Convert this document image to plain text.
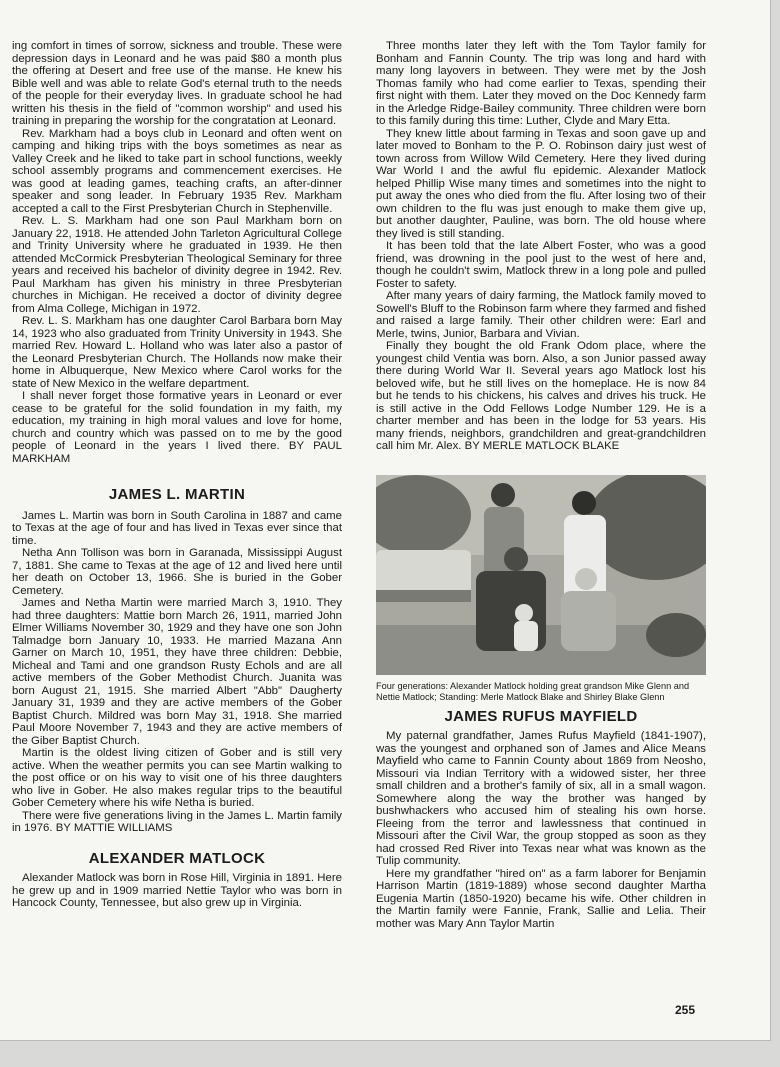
ing comfort in times of sorrow, sickness and trouble. These were depression days in Leonard and he was paid $80 a month plus the offering at Desert and free use of the manse. He knew his Bible well and was able to relate God's eternal truth to the needs of the people for their everyday lives. In graduate school he had written his thesis in the field of "common worship" and used his training in preparing the worship for the congratation at Leonard.

Rev. Markham had a boys club in Leonard and often went on camping and hiking trips with the boys sometimes as near as Valley Creek and he liked to take part in school functions, weekly school assembly programs and commencement exercises. He was good at leading games, teaching crafts, an after-dinner speaker and song leader. In February 1935 Rev. Markham accepted a call to the First Presbyterian Church in Stephenville.

Rev. L. S. Markham had one son Paul Markham born on January 22, 1918. He attended John Tarleton Agricultural College and Trinity University where he graduated in 1939. He then attended McCormick Presbyterian Theological Seminary for three years and received his bachelor of divinity degree in 1942. Rev. Paul Markham has given his ministry in three Presbyterian churches in Michigan. He received a doctor of divinity degree from Alma College, Michigan in 1972.

Rev. L. S. Markham has one daughter Carol Barbara born May 14, 1923 who also graduated from Trinity University in 1943. She married Rev. Howard L. Holland who was later also a pastor of the Leonard Presbyterian Church. The Hollands now make their home in Albuquerque, New Mexico where Carol works for the state of New Mexico in the welfare department.

I shall never forget those formative years in Leonard or ever cease to be grateful for the solid foundation in my faith, my education, my training in high moral values and love for home, church and country which was passed on to me by the good people of Leonard in the years I lived there. BY PAUL MARKHAM

JAMES L. MARTIN

James L. Martin was born in South Carolina in 1887 and came to Texas at the age of four and has lived in Texas ever since that time.

Netha Ann Tollison was born in Garanada, Mississippi August 7, 1881. She came to Texas at the age of 12 and lived here until her death on October 13, 1966. She is buried in the Gober Cemetery.

James and Netha Martin were married March 3, 1910. They had three daughters: Mattie born March 26, 1911, married John Elmer Williams November 30, 1929 and they have one son John Talmadge born January 10, 1933. He married Mazana Ann Garner on March 10, 1951, they have three children: Debbie, Micheal and Tami and one grandson Rusty Echols and are all active members of the Gober Methodist Church. Juanita was born August 21, 1915. She married Albert "Abb" Daugherty January 31, 1939 and they are active members of the Gober Baptist Church. Mildred was born May 31, 1918. She married Paul Moore November 7, 1943 and they are active members of the Giber Baptist Church.

Martin is the oldest living citizen of Gober and is still very active. When the weather permits you can see Martin walking to the post office or on his way to visit one of his three daughters who live in Gober. He also makes regular trips to the beautiful Gober Cemetery where his wife Netha is buried.

There were five generations living in the James L. Martin family in 1976. BY MATTIE WILLIAMS

ALEXANDER MATLOCK

Alexander Matlock was born in Rose Hill, Virginia in 1891. Here he grew up and in 1909 married Nettie Taylor who was born in Hancock County, Tennessee, but also grew up in Virginia.

Three months later they left with the Tom Taylor family for Bonham and Fannin County. The trip was long and hard with many long layovers in between. They were met by the Josh Thomas family who had come earlier to Texas, spending their first night with them. Later they moved on the Doc Kennedy farm in the Arledge Ridge-Bailey community. Three children were born to this family during this time: Luther, Clyde and Mary Etta.

They knew little about farming in Texas and soon gave up and later moved to Bonham to the P. O. Robinson dairy just west of town across from Willow Wild Cemetery. Here they lived during War World I and the awful flu epidemic. Alexander Matlock helped Phillip Wise many times and sometimes into the night to put away the ones who died from the flu. After losing two of their own children to the flu was just enough to make them give up, but another daughter, Pauline, was born. The old house where they lived is still standing.

It has been told that the late Albert Foster, who was a good friend, was drowning in the pool just to the west of here and, though he couldn't swim, Matlock threw in a long pole and pulled Foster to safety.

After many years of dairy farming, the Matlock family moved to Sowell's Bluff to the Robinson farm where they farmed and fished and raised a large family. Their other children were: Earl and Merle, twins, Junior, Barbara and Vivian.

Finally they bought the old Frank Odom place, where the youngest child Ventia was born. Also, a son Junior passed away there during World War II. Several years ago Matlock lost his beloved wife, but he still lives on the homeplace. He is now 84 but he tends to his chickens, his calves and drives his truck. He is still active in the Odd Fellows Lodge Number 129. He is a charter member and has been in the lodge for 53 years. His many friends, neighbors, grandchildren and great-grandchildren call him Mr. Alex. BY MERLE MATLOCK BLAKE

Four generations: Alexander Matlock holding great grandson Mike Glenn and Nettie Matlock; Standing: Merle Matlock Blake and Shirley Blake Glenn
JAMES RUFUS MAYFIELD

My paternal grandfather, James Rufus Mayfield (1841-1907), was the youngest and orphaned son of James and Alice Means Mayfield who came to Fannin County about 1869 from Neosho, Missouri via Indian Territory with a widowed sister, her three small children and a brother's family of six, all in a small wagon. Somewhere along the way the brother was hanged by bushwhackers who accused him of stealing his own horse. Fleeing from the terror and lawlessness that continued in Missouri after the Civil War, the group stopped as soon as they had crossed Red River into Texas near what was known as the Tulip community.

Here my grandfather "hired on" as a farm laborer for Benjamin Harrison Martin (1819-1889) whose second daughter Martha Eugenia Martin (1850-1920) became his wife. Other children in the Martin family were Fannie, Frank, Sallie and Lelia. Their mother was Mary Ann Taylor Martin

255
